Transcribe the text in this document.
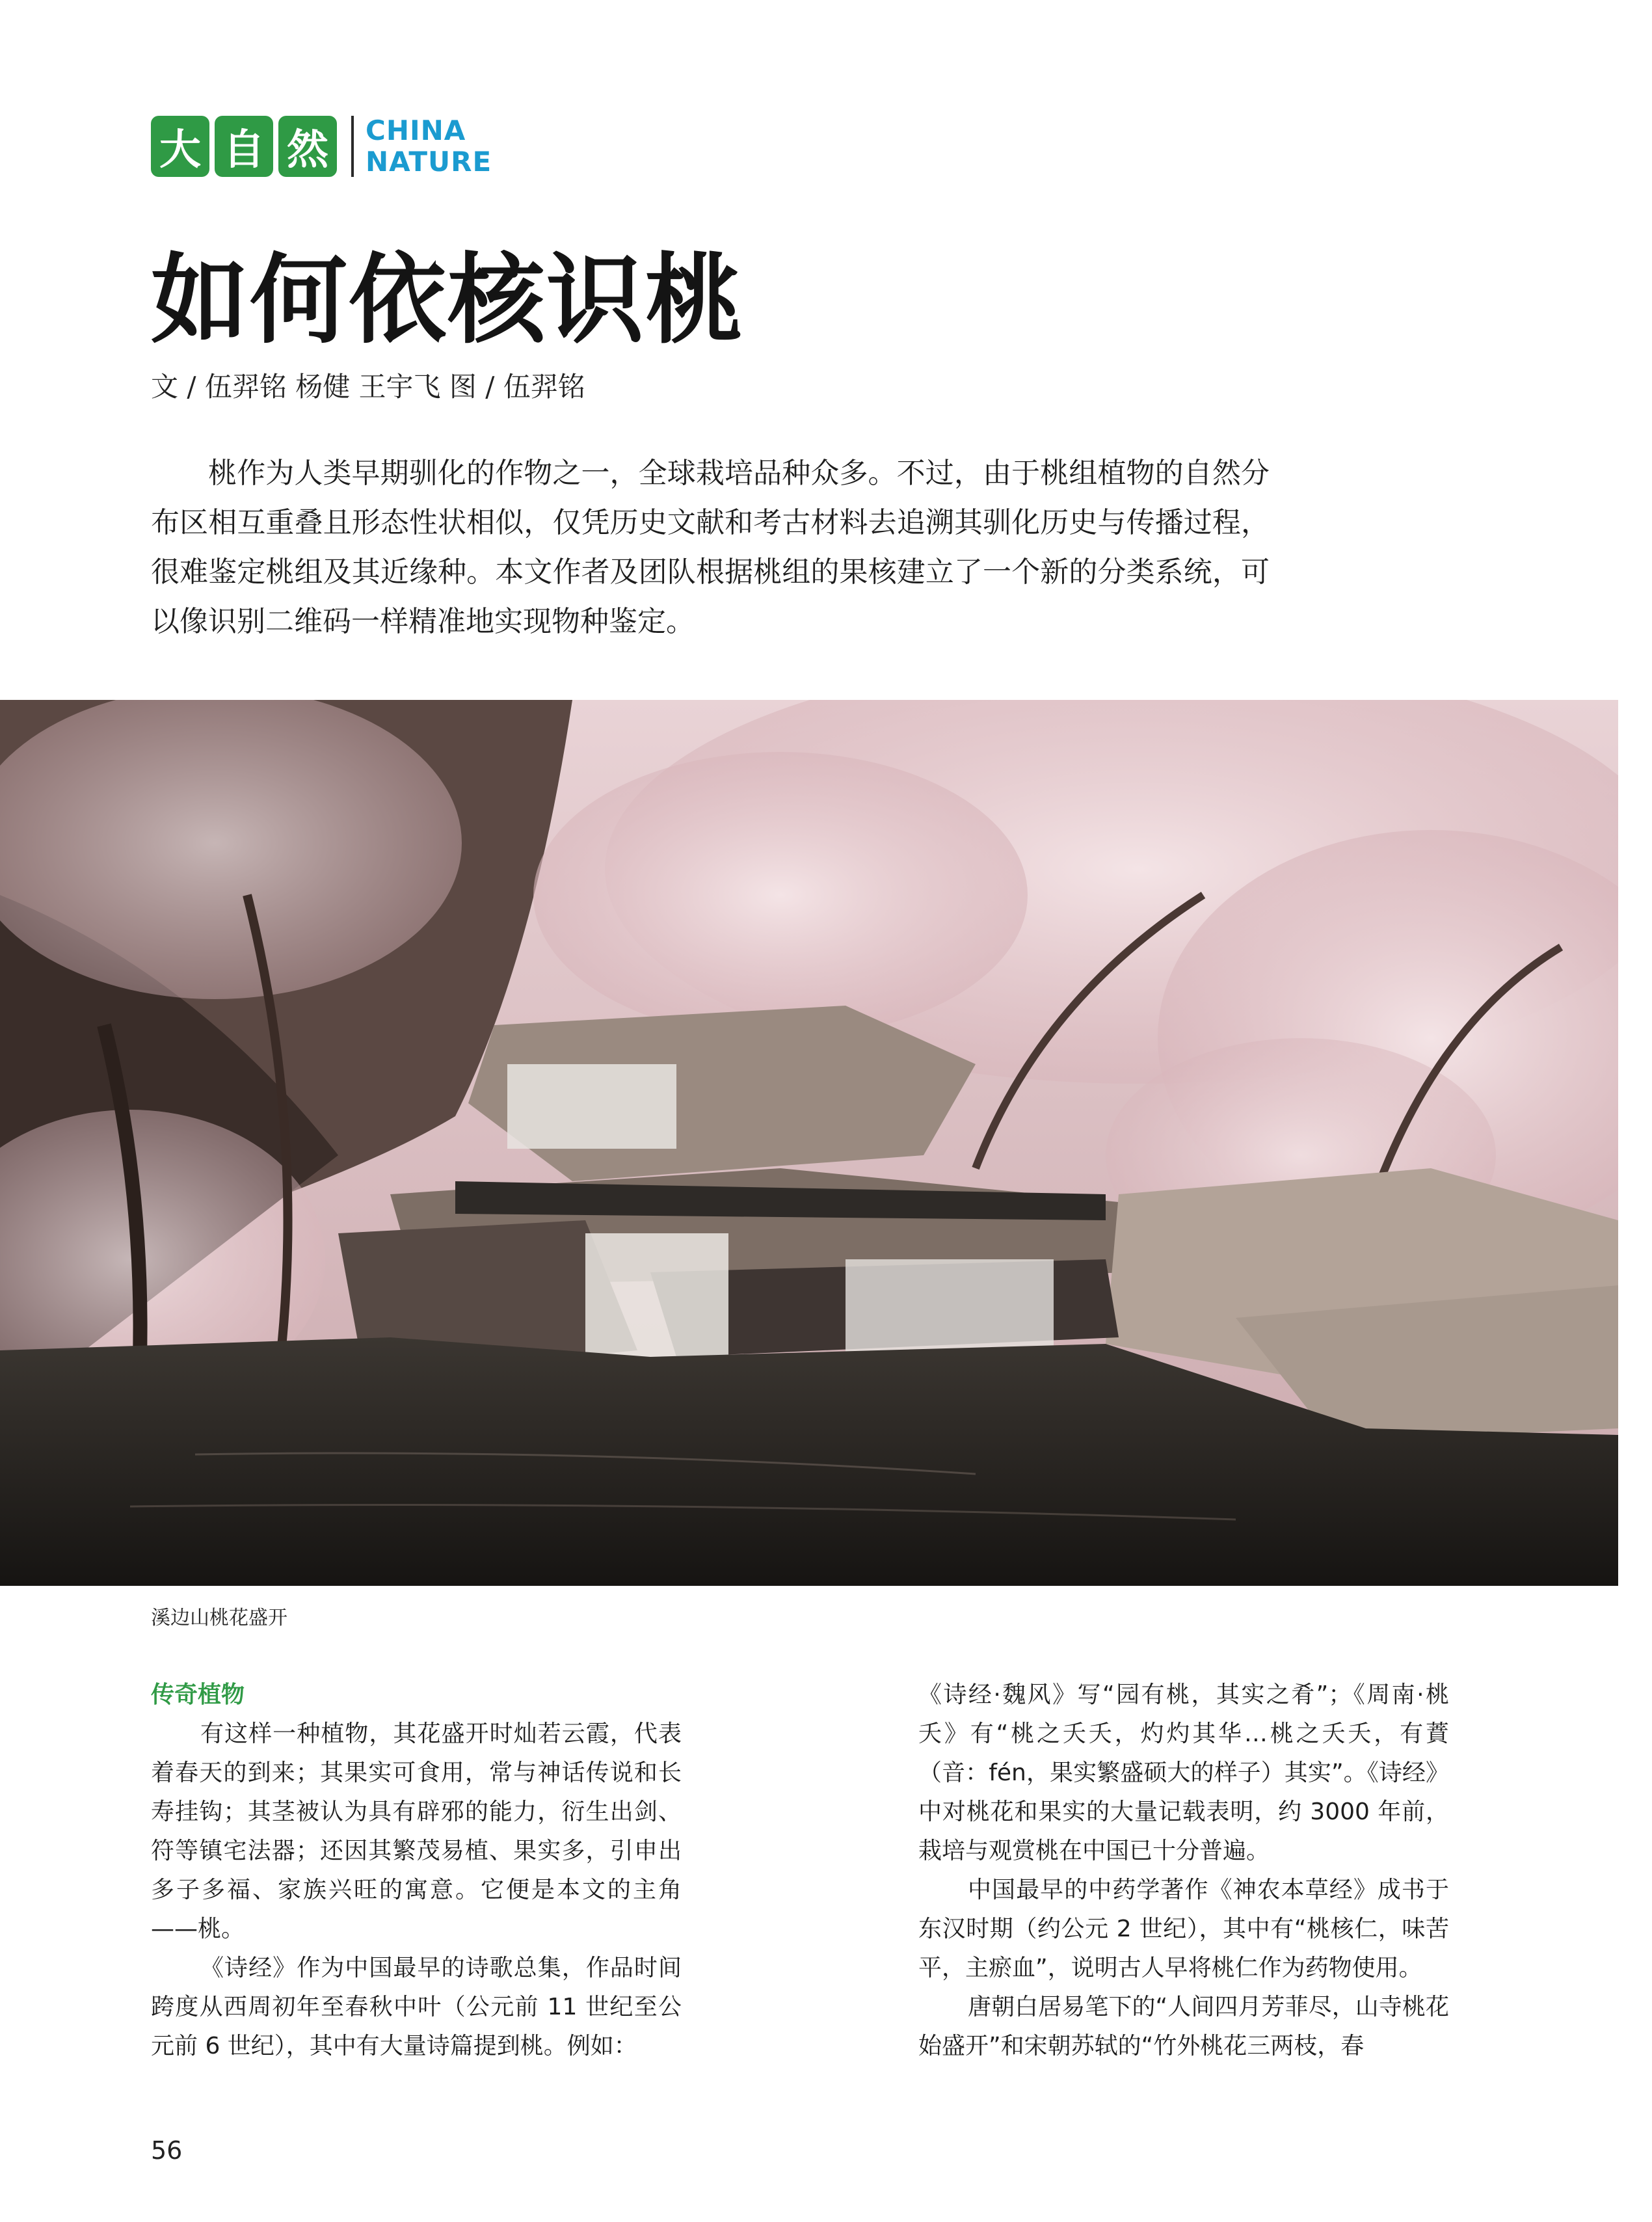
大 自 然	CHINA
NATURE
如何依核识桃
文 / 伍羿铭 杨健 王宇飞 图 / 伍羿铭

桃作为人类早期驯化的作物之一，全球栽培品种众多。不过，由于桃组植物的自然分布区相互重叠且形态性状相似，仅凭历史文献和考古材料去追溯其驯化历史与传播过程，很难鉴定桃组及其近缘种。本文作者及团队根据桃组的果核建立了一个新的分类系统，可以像识别二维码一样精准地实现物种鉴定。

溪边山桃花盛开
传奇植物

有这样一种植物，其花盛开时灿若云霞，代表着春天的到来；其果实可食用，常与神话传说和长寿挂钩；其茎被认为具有辟邪的能力，衍生出剑、符等镇宅法器；还因其繁茂易植、果实多，引申出多子多福、家族兴旺的寓意。它便是本文的主角——桃。

《诗经》作为中国最早的诗歌总集，作品时间跨度从西周初年至春秋中叶（公元前 11 世纪至公元前 6 世纪），其中有大量诗篇提到桃。例如：

《诗经·魏风》写“园有桃，其实之肴”；《周南·桃夭》有“桃之夭夭，灼灼其华…桃之夭夭，有蕡（音：fén，果实繁盛硕大的样子）其实”。《诗经》中对桃花和果实的大量记载表明，约 3000 年前，栽培与观赏桃在中国已十分普遍。

中国最早的中药学著作《神农本草经》成书于东汉时期（约公元 2 世纪），其中有“桃核仁，味苦平，主瘀血”，说明古人早将桃仁作为药物使用。

唐朝白居易笔下的“人间四月芳菲尽，山寺桃花始盛开”和宋朝苏轼的“竹外桃花三两枝，春

56
